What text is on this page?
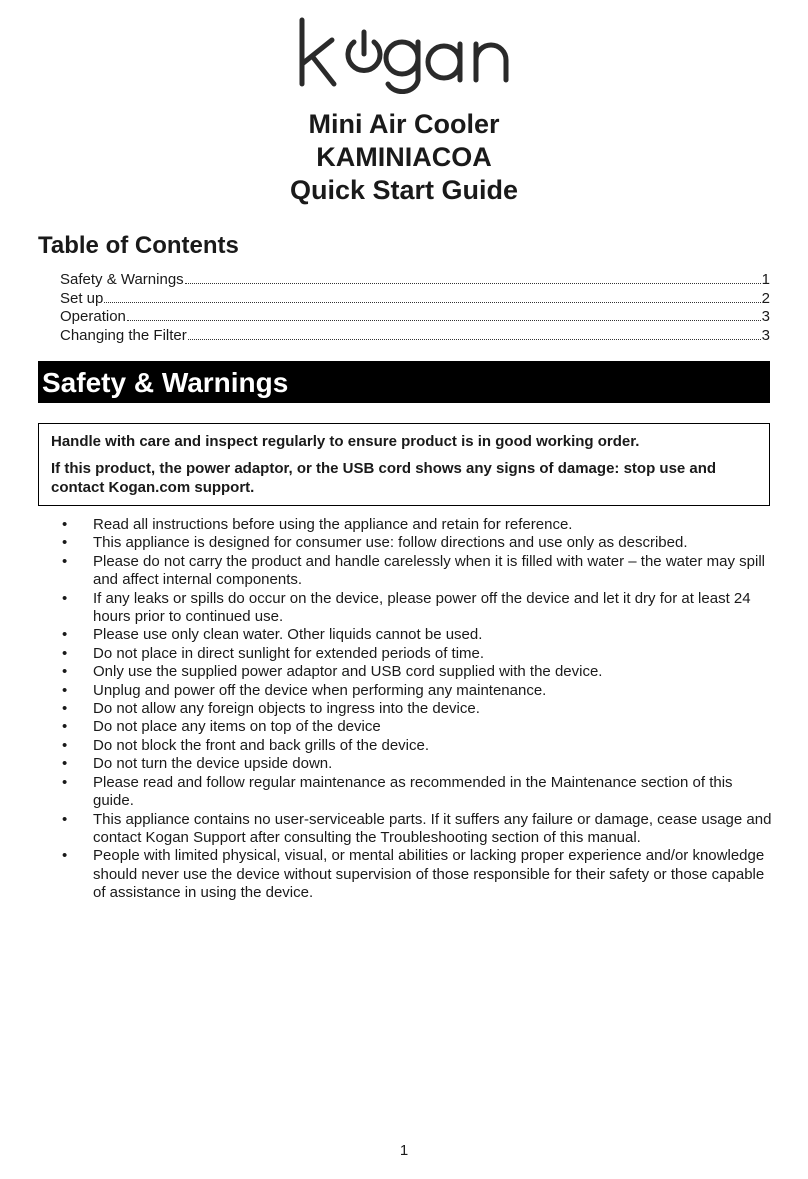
Mini Air Cooler

KAMINIACOA

Quick Start Guide

Table of Contents
Safety & Warnings	1
Set up	2
Operation	3
Changing the Filter	3
Safety & Warnings

Handle with care and inspect regularly to ensure product is in good working order.

If this product, the power adaptor, or the USB cord shows any signs of damage: stop use and contact Kogan.com support.

• Read all instructions before using the appliance and retain for reference.
• This appliance is designed for consumer use: follow directions and use only as described.
• Please do not carry the product and handle carelessly when it is filled with water – the water may spill and affect internal components.
• If any leaks or spills do occur on the device, please power off the device and let it dry for at least 24 hours prior to continued use.
• Please use only clean water. Other liquids cannot be used.
• Do not place in direct sunlight for extended periods of time.
• Only use the supplied power adaptor and USB cord supplied with the device.
• Unplug and power off the device when performing any maintenance.
• Do not allow any foreign objects to ingress into the device.
• Do not place any items on top of the device
• Do not block the front and back grills of the device.
• Do not turn the device upside down.
• Please read and follow regular maintenance as recommended in the Maintenance section of this guide.
• This appliance contains no user-serviceable parts. If it suffers any failure or damage, cease usage and contact Kogan Support after consulting the Troubleshooting section of this manual.
• People with limited physical, visual, or mental abilities or lacking proper experience and/or knowledge should never use the device without supervision of those responsible for their safety or those capable of assistance in using the device.
1
